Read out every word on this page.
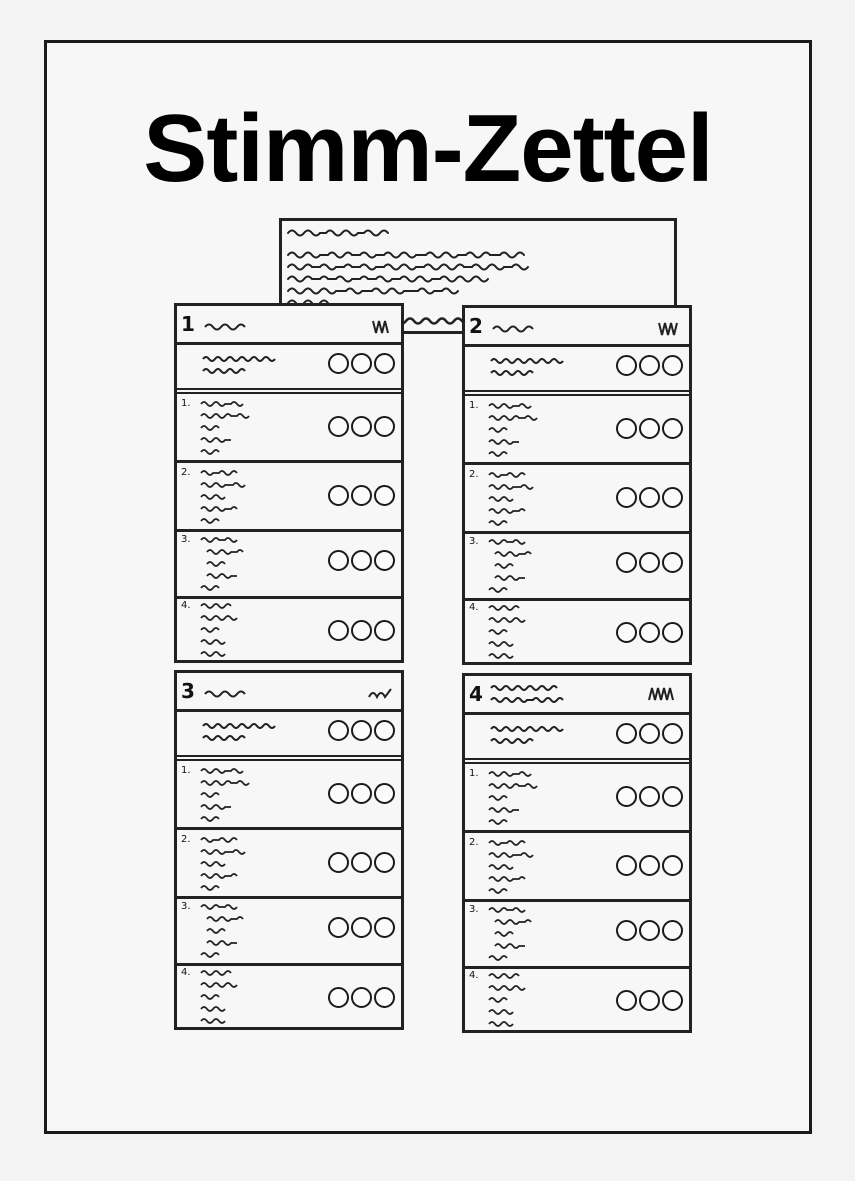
Stimm-Zettel
1
1.
2.
3.
4.
2
1.
2.
3.
4.
3
1.
2.
3.
4.
4
1.
2.
3.
4.
